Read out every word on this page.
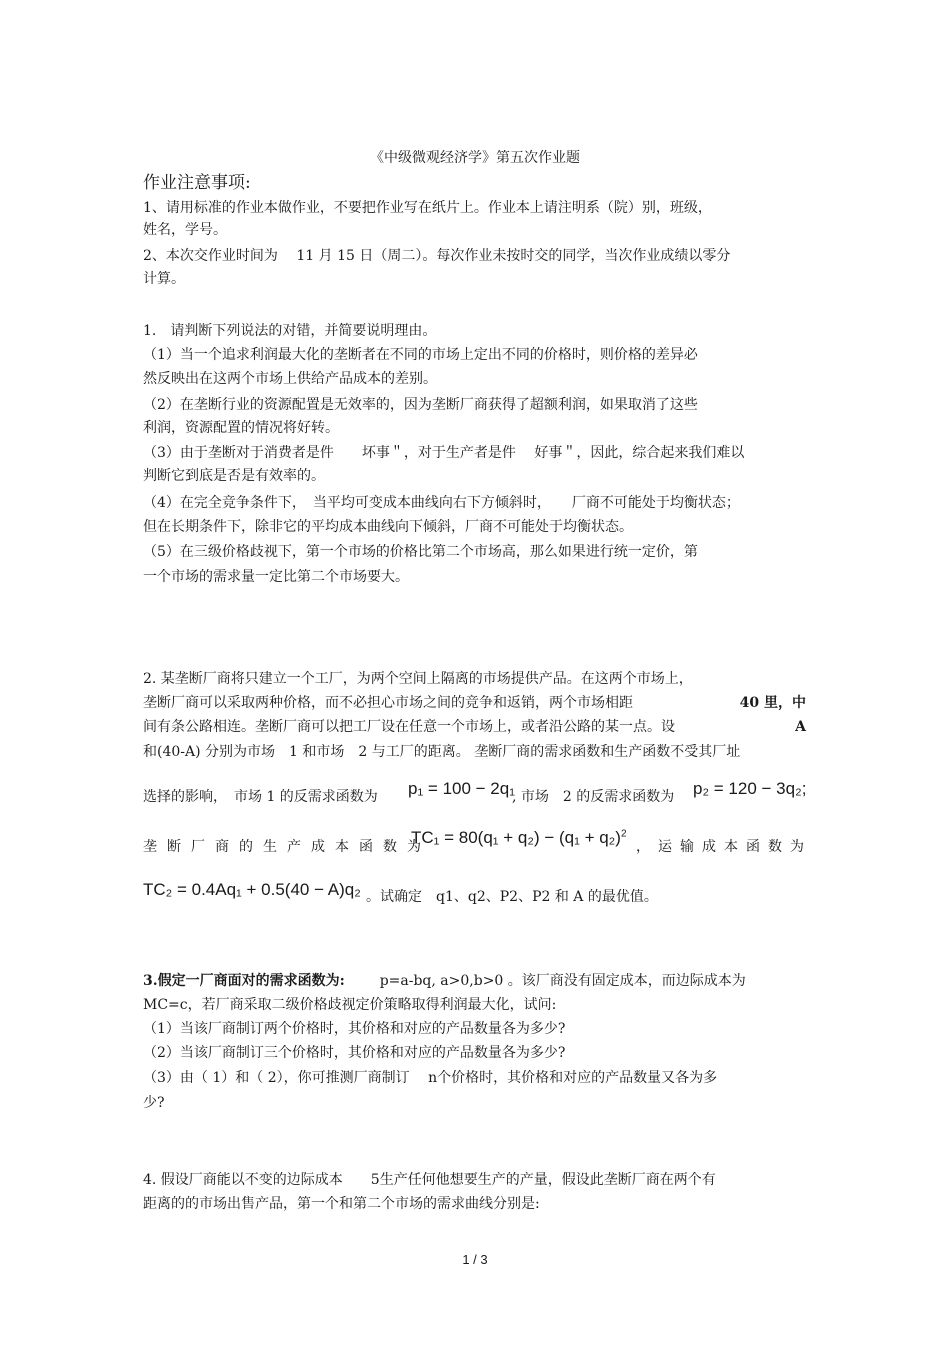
《中级微观经济学》第五次作业题
作业注意事项:
1、请用标准的作业本做作业，不要把作业写在纸片上。作业本上请注明系（院）别，班级，
姓名，学号。
2、本次交作业时间为　 11 月 15 日（周二）。每次作业未按时交的同学，当次作业成绩以零分
计算。
1.　请判断下列说法的对错，并简要说明理由。
（1）当一个追求利润最大化的垄断者在不同的市场上定出不同的价格时，则价格的差异必
然反映出在这两个市场上供给产品成本的差别。
（2）在垄断行业的资源配置是无效率的，因为垄断厂商获得了超额利润，如果取消了这些
利润，资源配置的情况将好转。
（3）由于垄断对于消费者是件　　坏事＂，对于生产者是件　 好事＂，因此，综合起来我们难以
判断它到底是否是有效率的。
（4）在完全竞争条件下，　当平均可变成本曲线向右下方倾斜时，　　厂商不可能处于均衡状态；
但在长期条件下，除非它的平均成本曲线向下倾斜，厂商不可能处于均衡状态。
（5）在三级价格歧视下，第一个市场的价格比第二个市场高，那么如果进行统一定价，第
一个市场的需求量一定比第二个市场要大。
2. 某垄断厂商将只建立一个工厂，为两个空间上隔离的市场提供产品。在这两个市场上，
垄断厂商可以采取两种价格，而不必担心市场之间的竞争和返销，两个市场相距	40 里，中
间有条公路相连。垄断厂商可以把工厂设在任意一个市场上，或者沿公路的某一点。设	A
和(40-A) 分别为市场　1 和市场　2 与工厂的距离。 垄断厂商的需求函数和生产函数不受其厂址
选择的影响，　市场 1 的反需求函数为 p₁ = 100 − 2q₁
, 市场　2 的反需求函数为 p₂ = 120 − 3q₂;
垄断厂商的生产成本函数为
$TC_1 = 80(q_1 + q_2) - (q_1 + q_2)^2$
，运输成本函数为
TC₂ = 0.4Aq₁ + 0.5(40 − A)q₂ 。试确定　q1、q2、P2、P2 和 A 的最优值。
3.假定一厂商面对的需求函数为: p=a-bq, a>0,b>0 。该厂商没有固定成本，而边际成本为
MC=c，若厂商采取二级价格歧视定价策略取得利润最大化，试问:
（1）当该厂商制订两个价格时，其价格和对应的产品数量各为多少?
（2）当该厂商制订三个价格时，其价格和对应的产品数量各为多少?
（3）由（ 1）和（ 2），你可推测厂商制订　 n个价格时，其价格和对应的产品数量又各为多
少?
4. 假设厂商能以不变的边际成本　　5生产任何他想要生产的产量，假设此垄断厂商在两个有
距离的的市场出售产品，第一个和第二个市场的需求曲线分别是:
1 / 3
